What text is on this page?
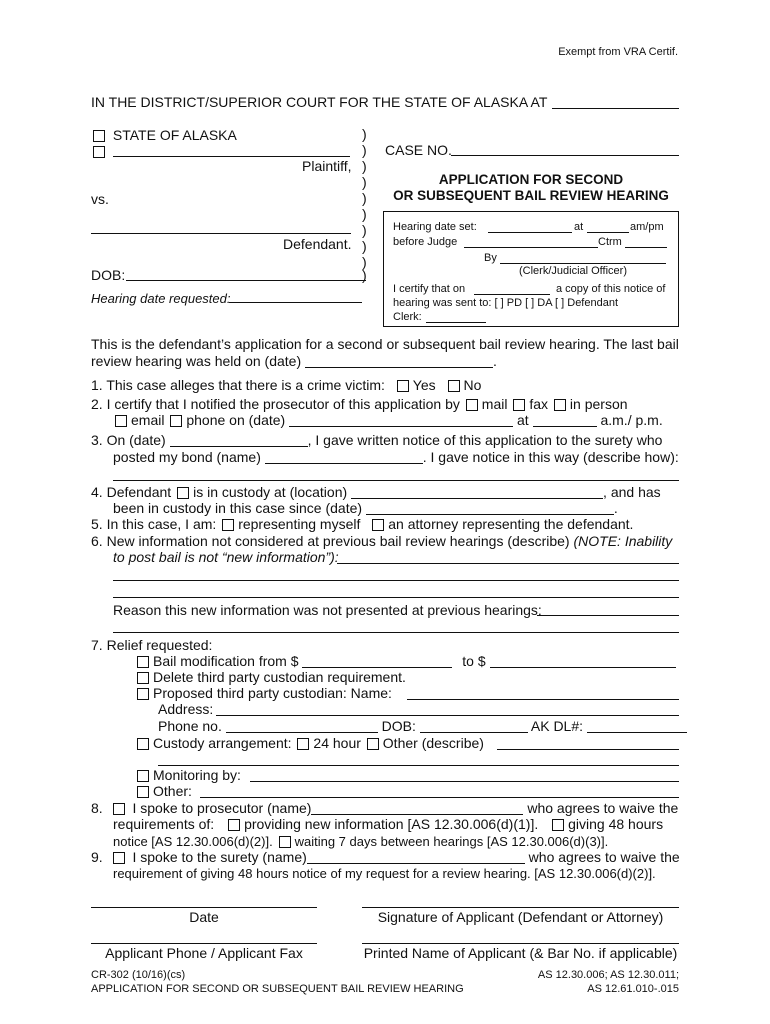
Exempt from VRA Certif.
IN THE DISTRICT/SUPERIOR COURT FOR THE STATE OF ALASKA AT
STATE OF ALASKA
Plaintiff,
vs.
Defendant.
DOB:
Hearing date requested:
)
)
)
)
)
)
)
)
)
)
CASE NO.
APPLICATION FOR SECOND
OR SUBSEQUENT BAIL REVIEW HEARING
Hearing date set:	at	am/pm
before Judge	Ctrm
By
(Clerk/Judicial Officer)
I certify that on	a copy of this notice of
hearing was sent to: [ ] PD [ ] DA [ ] Defendant
Clerk:
This is the defendant’s application for a second or subsequent bail review hearing. The last bail
review hearing was held on (date)	.
1. This case alleges that there is a crime victim: Yes No
2. I certify that I notified the prosecutor of this application by mail fax in person
email phone on (date)	at	a.m./ p.m.
3. On (date)	, I gave written notice of this application to the surety who
posted my bond (name)	. I gave notice in this way (describe how):
4. Defendant is in custody at (location)	, and has
been in custody in this case since (date)	.
5. In this case, I am: representing myself an attorney representing the defendant.
6. New information not considered at previous bail review hearings (describe) (NOTE: Inability
to post bail is not “new information”):
Reason this new information was not presented at previous hearings:
7. Relief requested:
Bail modification from $	to $
Delete third party custodian requirement.
Proposed third party custodian: Name:
Address:
Phone no.	DOB:	AK DL#:
Custody arrangement: 24 hour Other (describe)
Monitoring by:
Other:
8. I spoke to prosecutor (name)	who agrees to waive the
requirements of: providing new information [AS 12.30.006(d)(1)]. giving 48 hours
notice [AS 12.30.006(d)(2)]. waiting 7 days between hearings [AS 12.30.006(d)(3)].
9. I spoke to the surety (name)	who agrees to waive the
requirement of giving 48 hours notice of my request for a review hearing. [AS 12.30.006(d)(2)].
Date	Signature of Applicant (Defendant or Attorney)
Applicant Phone / Applicant Fax	Printed Name of Applicant (& Bar No. if applicable)
CR-302 (10/16)(cs)
APPLICATION FOR SECOND OR SUBSEQUENT BAIL REVIEW HEARING
AS 12.30.006; AS 12.30.011;
AS 12.61.010-.015
